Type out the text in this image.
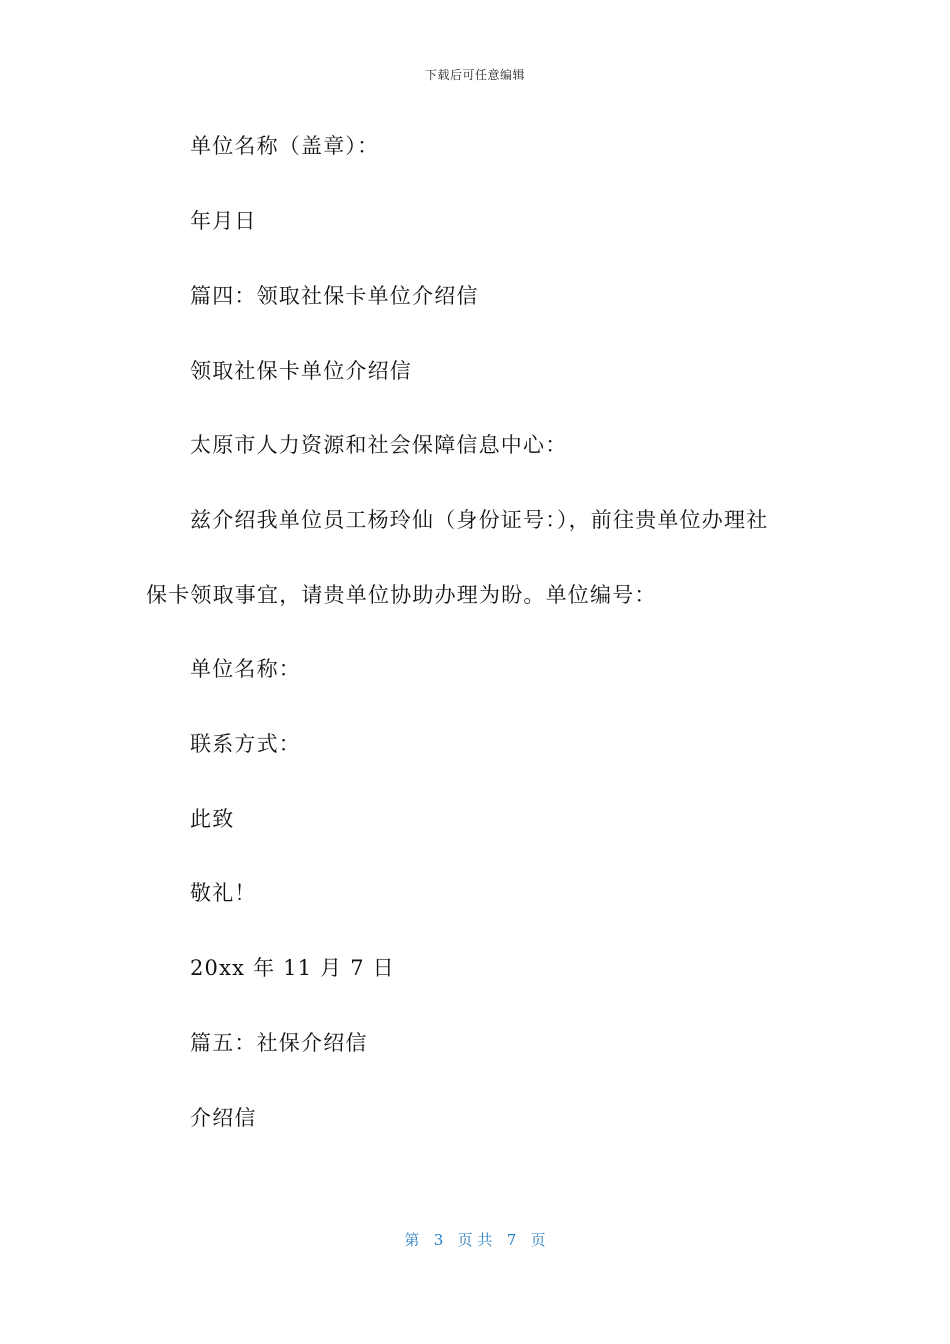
下载后可任意编辑
单位名称（盖章）：
年月日
篇四：领取社保卡单位介绍信
领取社保卡单位介绍信
太原市人力资源和社会保障信息中心：
兹介绍我单位员工杨玲仙（身份证号：），前往贵单位办理社
保卡领取事宜，请贵单位协助办理为盼。单位编号：
单位名称：
联系方式：
此致
敬礼！
20xx 年 11 月 7 日
篇五：社保介绍信
介绍信
第 3 页 共 7 页
